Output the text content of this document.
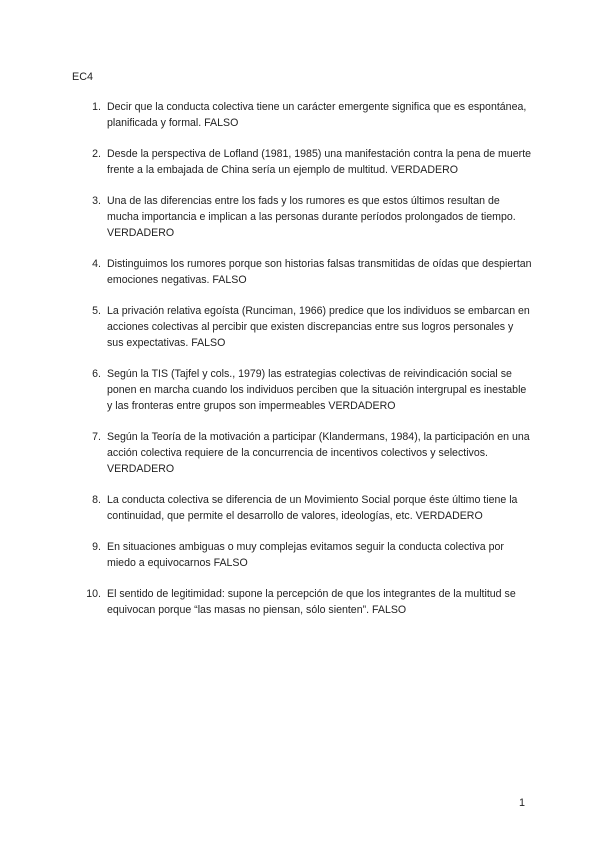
EC4
1. Decir que la conducta colectiva tiene un carácter emergente significa que es espontánea, planificada y formal. FALSO
2. Desde la perspectiva de Lofland (1981, 1985) una manifestación contra la pena de muerte frente a la embajada de China sería un ejemplo de multitud. VERDADERO
3. Una de las diferencias entre los fads y los rumores es que estos últimos resultan de mucha importancia e implican a las personas durante períodos prolongados de tiempo. VERDADERO
4. Distinguimos los rumores porque son historias falsas transmitidas de oídas que despiertan emociones negativas. FALSO
5. La privación relativa egoísta (Runciman, 1966) predice que los individuos se embarcan en acciones colectivas al percibir que existen discrepancias entre sus logros personales y sus expectativas. FALSO
6. Según la TIS (Tajfel y cols., 1979) las estrategias colectivas de reivindicación social se ponen en marcha cuando los individuos perciben que la situación intergrupal es inestable y las fronteras entre grupos son impermeables VERDADERO
7. Según la Teoría de la motivación a participar (Klandermans, 1984), la participación en una acción colectiva requiere de la concurrencia de incentivos colectivos y selectivos. VERDADERO
8. La conducta colectiva se diferencia de un Movimiento Social porque éste último tiene la continuidad, que permite el desarrollo de valores, ideologías, etc. VERDADERO
9. En situaciones ambiguas o muy complejas evitamos seguir la conducta colectiva por miedo a equivocarnos FALSO
10. El sentido de legitimidad: supone la percepción de que los integrantes de la multitud se equivocan porque “las masas no piensan, sólo sienten”. FALSO
1
